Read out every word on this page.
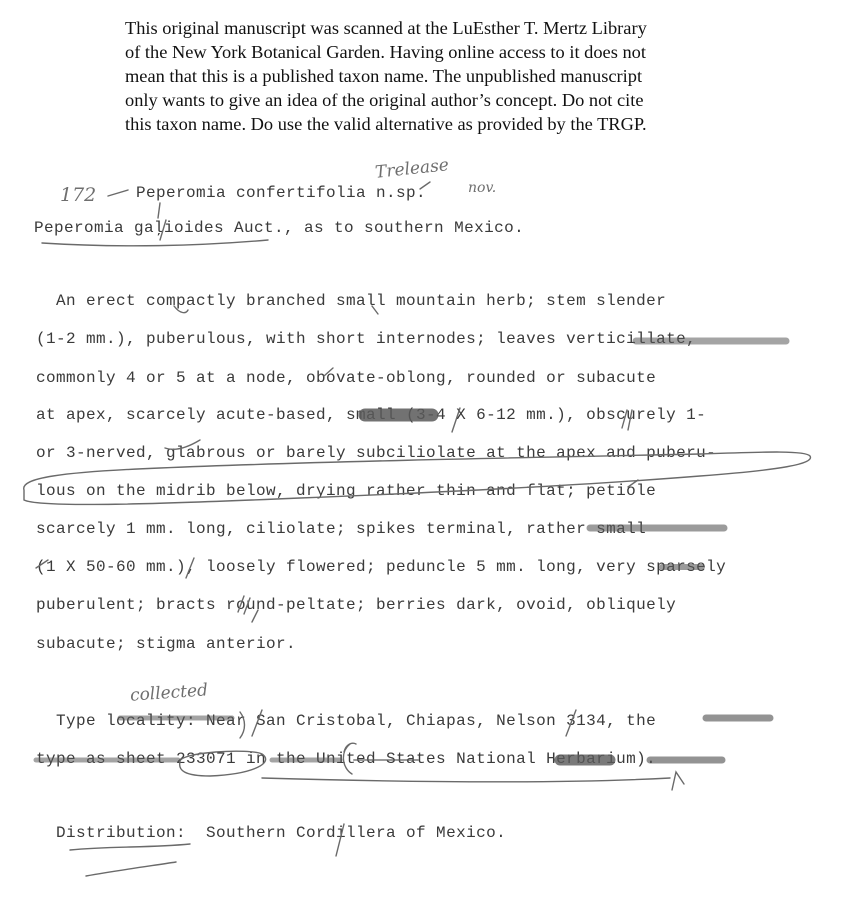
This original manuscript was scanned at the LuEsther T. Mertz Library
of the New York Botanical Garden. Having online access to it does not
mean that this is a published taxon name. The unpublished manuscript
only wants to give an idea of the original author’s concept. Do not cite
this taxon name. Do use the valid alternative as provided by the TRGP.
172
Trelease
nov.
collected
Peperomia confertifolia n.sp.
Peperomia gaļioides Auct., as to southern Mexico.
An erect compactly branched small mountain herb; stem slender
(1-2 mm.), puberulous, with short internodes; leaves verticillate,
commonly 4 or 5 at a node, obovate-oblong, rounded or subacute
at apex, scarcely acute-based, small (3-4 X 6-12 mm.), obscurely 1-
or 3-nerved, glabrous or barely subciliolate at the apex and puberu-
lous on the midrib below, drying rather thin and flat; petiole
scarcely 1 mm. long, ciliolate; spikes terminal, rather small
(1 X 50-60 mm.), loosely flowered; peduncle 5 mm. long, very sparsely
puberulent; bracts round-peltate; berries dark, ovoid, obliquely
subacute; stigma anterior.
Type locality: Near San Cristobal, Chiapas, Nelson 3134, the
type as sheet 233071 in the United States National Herbarium).
Distribution:  Southern Cordillera of Mexico.
